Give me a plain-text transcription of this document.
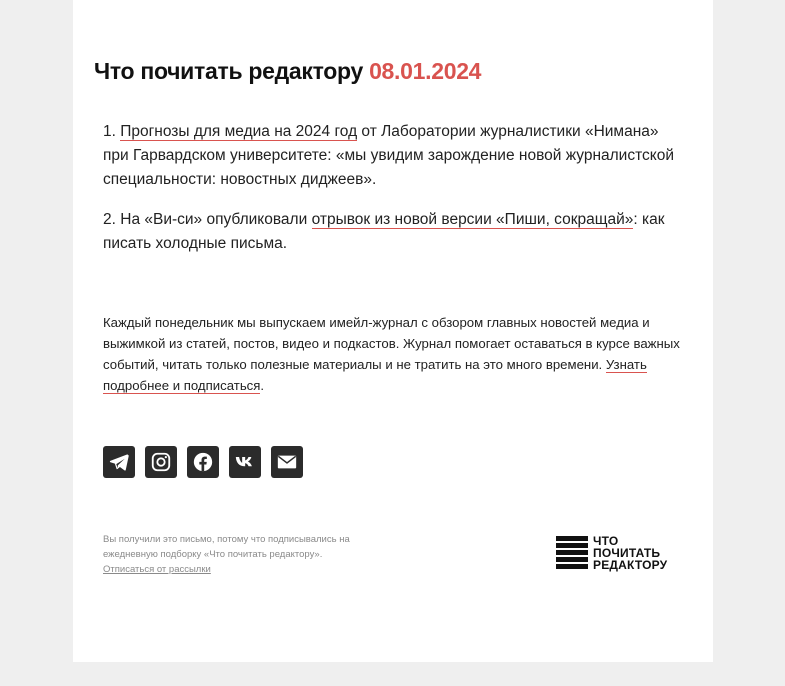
Что почитать редактору 08.01.2024

1. Прогнозы для медиа на 2024 год от Лаборатории журналистики «Нимана» при Гарвардском университете: «мы увидим зарождение новой журналистской специальности: новостных диджеев».

2. На «Ви-си» опубликовали отрывок из новой версии «Пиши, сокращай»: как писать холодные письма.

Каждый понедельник мы выпускаем имейл-журнал с обзором главных новостей медиа и выжимкой из статей, постов, видео и подкастов. Журнал помогает оставаться в курсе важных событий, читать только полезные материалы и не тратить на это много времени. Узнать подробнее и подписаться.
Вы получили это письмо, потому что подписывались на ежедневную подборку «Что почитать редактору».
Отписаться от рассылки
ЧТО
ПОЧИТАТЬ
РЕДАКТОРУ
